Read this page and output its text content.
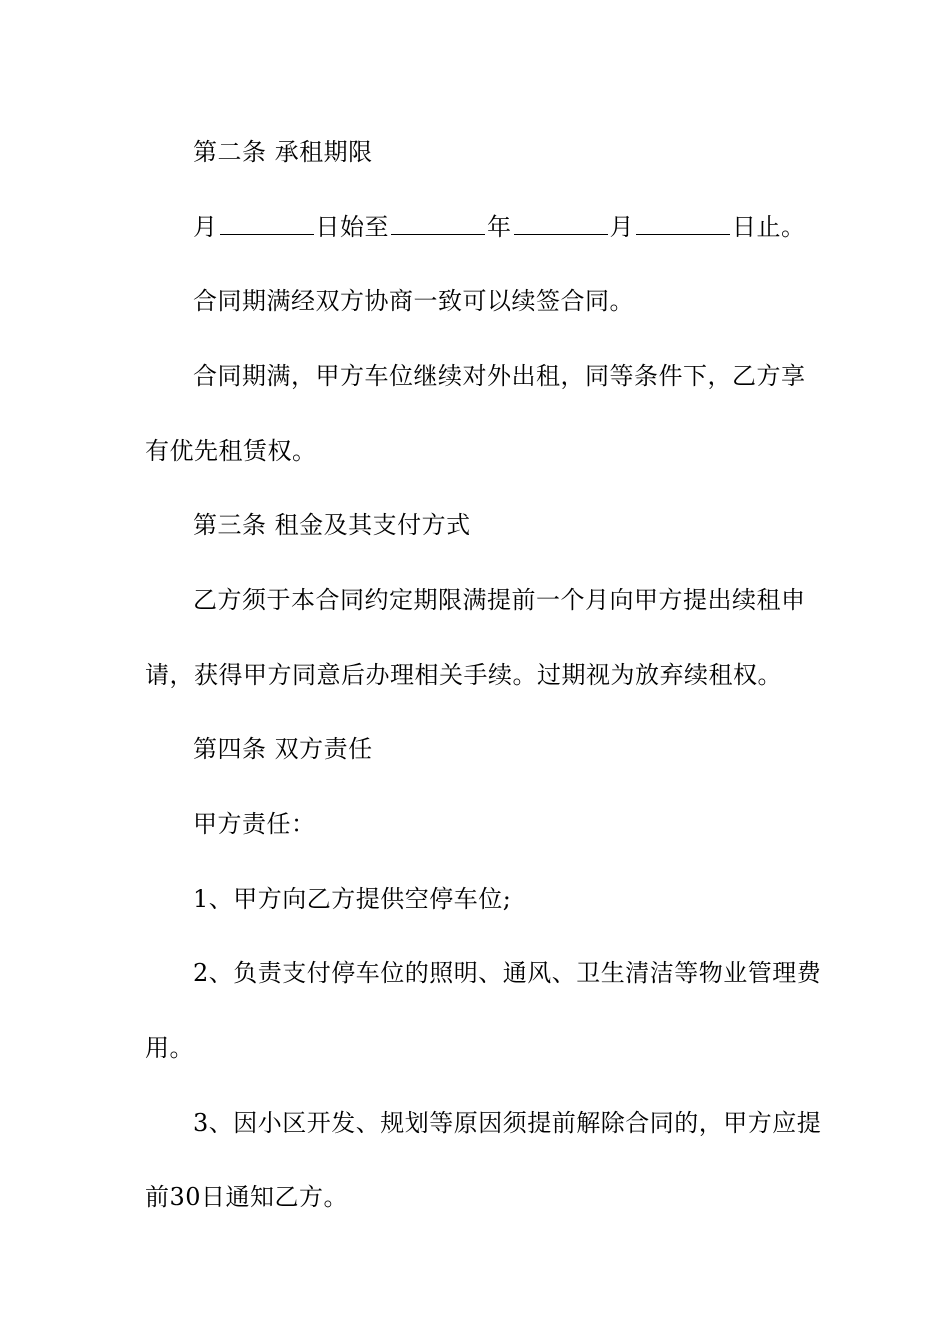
第二条 承租期限
月	日始至	年	月	日止。
合同期满经双方协商一致可以续签合同。
合同期满，甲方车位继续对外出租，同等条件下，乙方享
有优先租赁权。
第三条 租金及其支付方式
乙方须于本合同约定期限满提前一个月向甲方提出续租申
请，获得甲方同意后办理相关手续。过期视为放弃续租权。
第四条 双方责任
甲方责任：
1、甲方向乙方提供空停车位;
2、负责支付停车位的照明、通风、卫生清洁等物业管理费
用。
3、因小区开发、规划等原因须提前解除合同的，甲方应提
前30日通知乙方。
